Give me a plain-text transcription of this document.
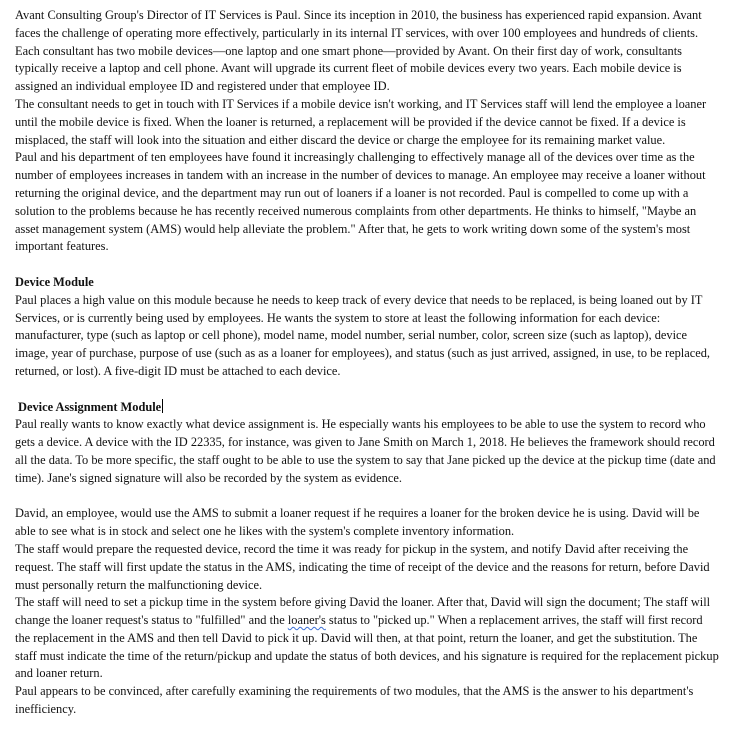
Avant Consulting Group's Director of IT Services is Paul. Since its inception in 2010, the business has experienced rapid expansion. Avant faces the challenge of operating more effectively, particularly in its internal IT services, with over 100 employees and hundreds of clients.

Each consultant has two mobile devices—one laptop and one smart phone—provided by Avant. On their first day of work, consultants typically receive a laptop and cell phone. Avant will upgrade its current fleet of mobile devices every two years. Each mobile device is assigned an individual employee ID and registered under that employee ID.

The consultant needs to get in touch with IT Services if a mobile device isn't working, and IT Services staff will lend the employee a loaner until the mobile device is fixed. When the loaner is returned, a replacement will be provided if the device cannot be fixed. If a device is misplaced, the staff will look into the situation and either discard the device or charge the employee for its remaining market value.

Paul and his department of ten employees have found it increasingly challenging to effectively manage all of the devices over time as the number of employees increases in tandem with an increase in the number of devices to manage. An employee may receive a loaner without returning the original device, and the department may run out of loaners if a loaner is not recorded. Paul is compelled to come up with a solution to the problems because he has recently received numerous complaints from other departments. He thinks to himself, "Maybe an asset management system (AMS) would help alleviate the problem." After that, he gets to work writing down some of the system's most important features.

Device Module

Paul places a high value on this module because he needs to keep track of every device that needs to be replaced, is being loaned out by IT Services, or is currently being used by employees. He wants the system to store at least the following information for each device: manufacturer, type (such as laptop or cell phone), model name, model number, serial number, color, screen size (such as laptop), device image, year of purchase, purpose of use (such as as a loaner for employees), and status (such as just arrived, assigned, in use, to be replaced, returned, or lost). A five-digit ID must be attached to each device.

Device Assignment Module

Paul really wants to know exactly what device assignment is. He especially wants his employees to be able to use the system to record who gets a device. A device with the ID 22335, for instance, was given to Jane Smith on March 1, 2018. He believes the framework should record all the data. To be more specific, the staff ought to be able to use the system to say that Jane picked up the device at the pickup time (date and time). Jane's signed signature will also be recorded by the system as evidence.

David, an employee, would use the AMS to submit a loaner request if he requires a loaner for the broken device he is using. David will be able to see what is in stock and select one he likes with the system's complete inventory information.

The staff would prepare the requested device, record the time it was ready for pickup in the system, and notify David after receiving the request. The staff will first update the status in the AMS, indicating the time of receipt of the device and the reasons for return, before David must personally return the malfunctioning device.

The staff will need to set a pickup time in the system before giving David the loaner. After that, David will sign the document; The staff will change the loaner request's status to "fulfilled" and the loaner's status to "picked up." When a replacement arrives, the staff will first record the replacement in the AMS and then tell David to pick it up. David will then, at that point, return the loaner, and get the substitution. The staff must indicate the time of the return/pickup and update the status of both devices, and his signature is required for the replacement pickup and loaner return.

Paul appears to be convinced, after carefully examining the requirements of two modules, that the AMS is the answer to his department's inefficiency.
